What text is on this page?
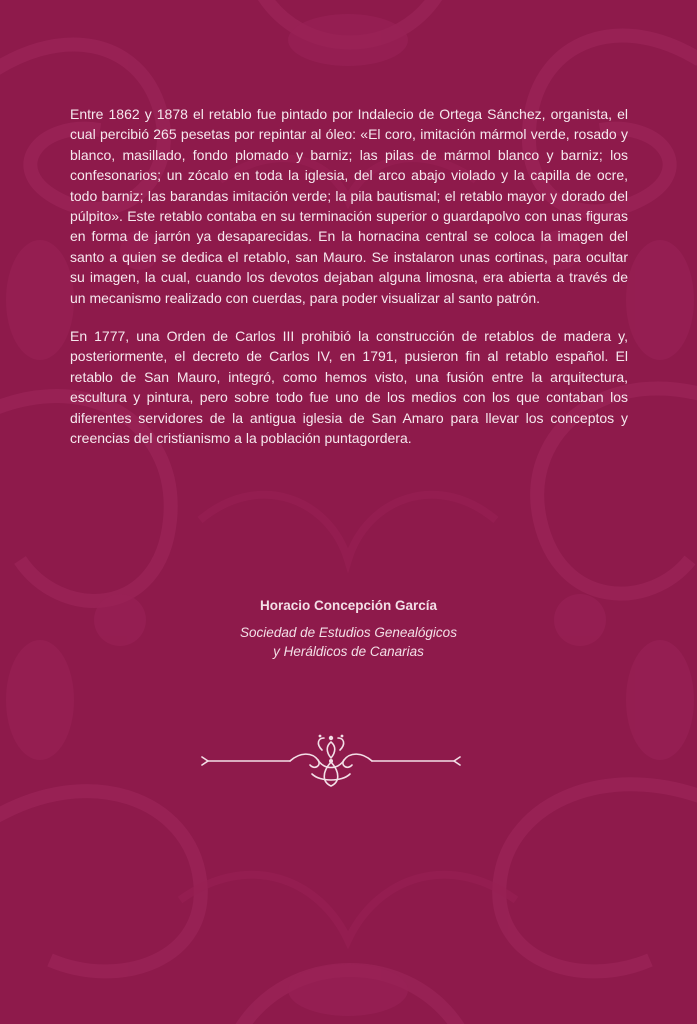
Entre 1862 y 1878 el retablo fue pintado por Indalecio de Ortega Sánchez, organista, el cual percibió 265 pesetas por repintar al óleo: «El coro, imitación mármol verde, rosado y blanco, masillado, fondo plomado y barniz; las pilas de mármol blanco y barniz; los confesonarios; un zócalo en toda la iglesia, del arco abajo violado y la capilla de ocre, todo barniz; las barandas imitación verde; la pila bautismal; el retablo mayor y dorado del púlpito». Este retablo contaba en su terminación superior o guardapolvo con unas figuras en forma de jarrón ya desaparecidas. En la hornacina central se coloca la imagen del santo a quien se dedica el retablo, san Mauro. Se instalaron unas cortinas, para ocultar su imagen, la cual, cuando los devotos dejaban alguna limosna, era abierta a través de un mecanismo realizado con cuerdas, para poder visualizar al santo patrón.

En 1777, una Orden de Carlos III prohibió la construcción de retablos de madera y, posteriormente, el decreto de Carlos IV, en 1791, pusieron fin al retablo español. El retablo de San Mauro, integró, como hemos visto, una fusión entre la arquitectura, escultura y pintura, pero sobre todo fue uno de los medios con los que contaban los diferentes servidores de la antigua iglesia de San Amaro para llevar los conceptos y creencias del cristianismo a la población puntagordera.

Horacio Concepción García
Sociedad de Estudios Genealógicos
y Heráldicos de Canarias
